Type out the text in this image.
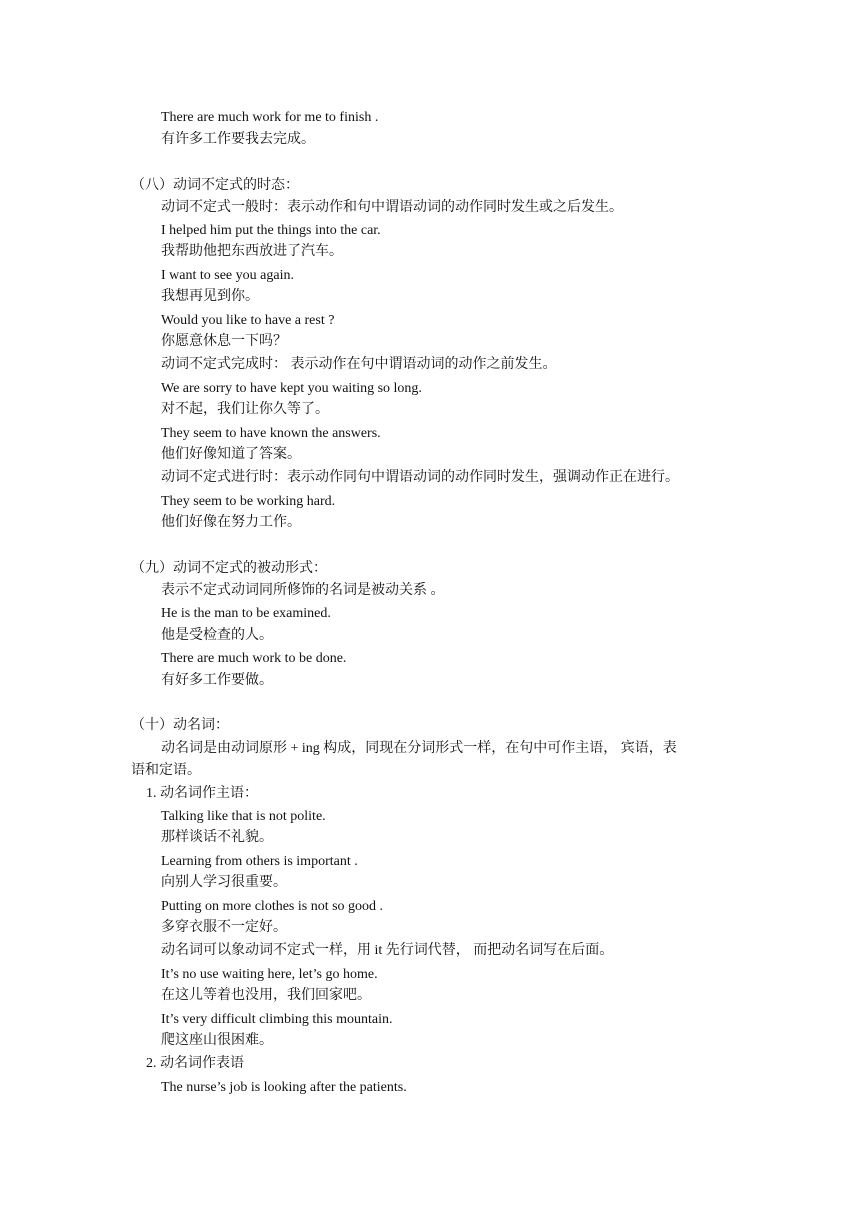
There are much work for me to finish .
有许多工作要我去完成。
（八）动词不定式的时态：
动词不定式一般时：表示动作和句中谓语动词的动作同时发生或之后发生。
I helped him put the things into the car.
我帮助他把东西放进了汽车。
I want to see you again.
我想再见到你。
Would you like to have a rest ?
你愿意休息一下吗？
动词不定式完成时： 表示动作在句中谓语动词的动作之前发生。
We are sorry to have kept you waiting so long.
对不起，我们让你久等了。
They seem to have known the answers.
他们好像知道了答案。
动词不定式进行时：表示动作同句中谓语动词的动作同时发生，强调动作正在进行。
They seem to be working hard.
他们好像在努力工作。
（九）动词不定式的被动形式：
表示不定式动词同所修饰的名词是被动关系 。
He is the man to be examined.
他是受检查的人。
There are much work to be done.
有好多工作要做。
（十）动名词：
动名词是由动词原形 + ing 构成，同现在分词形式一样，在句中可作主语， 宾语，表
语和定语。
1. 动名词作主语：
Talking like that is not polite.
那样谈话不礼貌。
Learning from others is important .
向别人学习很重要。
Putting on more clothes is not so good .
多穿衣服不一定好。
动名词可以象动词不定式一样，用 it 先行词代替， 而把动名词写在后面。
It’s no use waiting here, let’s go home.
在这儿等着也没用，我们回家吧。
It’s very difficult climbing this mountain.
爬这座山很困难。
2. 动名词作表语
The nurse’s job is looking after the patients.
